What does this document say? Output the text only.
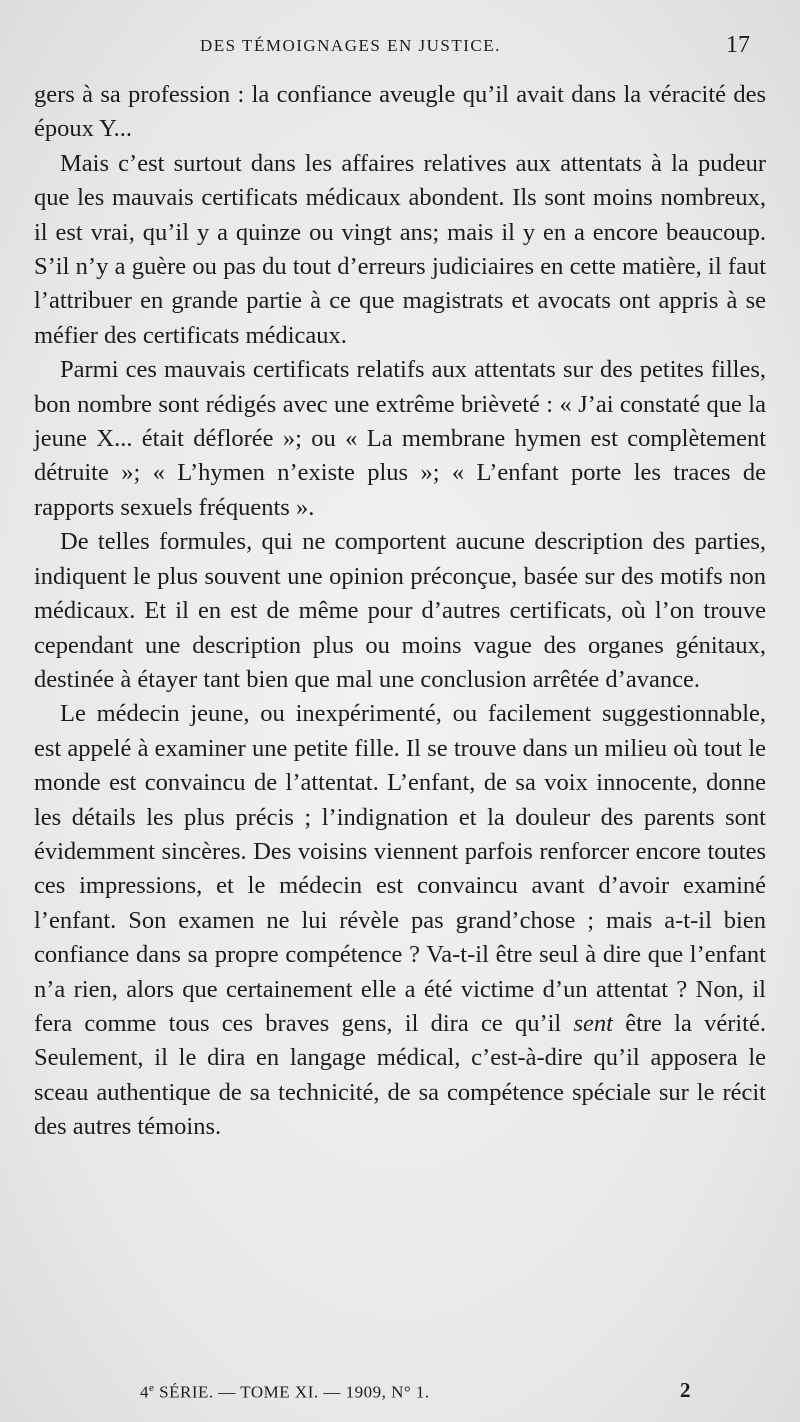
DES TÉMOIGNAGES EN JUSTICE.	17

gers à sa profession : la confiance aveugle qu’il avait dans la véracité des époux Y...

Mais c’est surtout dans les affaires relatives aux attentats à la pudeur que les mauvais certificats médicaux abondent. Ils sont moins nombreux, il est vrai, qu’il y a quinze ou vingt ans; mais il y en a encore beaucoup. S’il n’y a guère ou pas du tout d’erreurs judiciaires en cette matière, il faut l’attribuer en grande partie à ce que magistrats et avocats ont appris à se méfier des certificats médicaux.

Parmi ces mauvais certificats relatifs aux attentats sur des petites filles, bon nombre sont rédigés avec une extrême brièveté : « J’ai constaté que la jeune X... était déflorée »; ou « La membrane hymen est complètement détruite »; « L’hymen n’existe plus »; « L’enfant porte les traces de rapports sexuels fréquents ».

De telles formules, qui ne comportent aucune description des parties, indiquent le plus souvent une opinion préconçue, basée sur des motifs non médicaux. Et il en est de même pour d’autres certificats, où l’on trouve cependant une description plus ou moins vague des organes génitaux, destinée à étayer tant bien que mal une conclusion arrêtée d’avance.

Le médecin jeune, ou inexpérimenté, ou facilement suggestionnable, est appelé à examiner une petite fille. Il se trouve dans un milieu où tout le monde est convaincu de l’attentat. L’enfant, de sa voix innocente, donne les détails les plus précis ; l’indignation et la douleur des parents sont évidemment sincères. Des voisins viennent parfois renforcer encore toutes ces impressions, et le médecin est convaincu avant d’avoir examiné l’enfant. Son examen ne lui révèle pas grand’chose ; mais a-t-il bien confiance dans sa propre compétence ? Va-t-il être seul à dire que l’enfant n’a rien, alors que certainement elle a été victime d’un attentat ? Non, il fera comme tous ces braves gens, il dira ce qu’il sent être la vérité. Seulement, il le dira en langage médical, c’est-à-dire qu’il apposera le sceau authentique de sa technicité, de sa compétence spéciale sur le récit des autres témoins.

4e SÉRIE. — TOME XI. — 1909, N° 1.	2
